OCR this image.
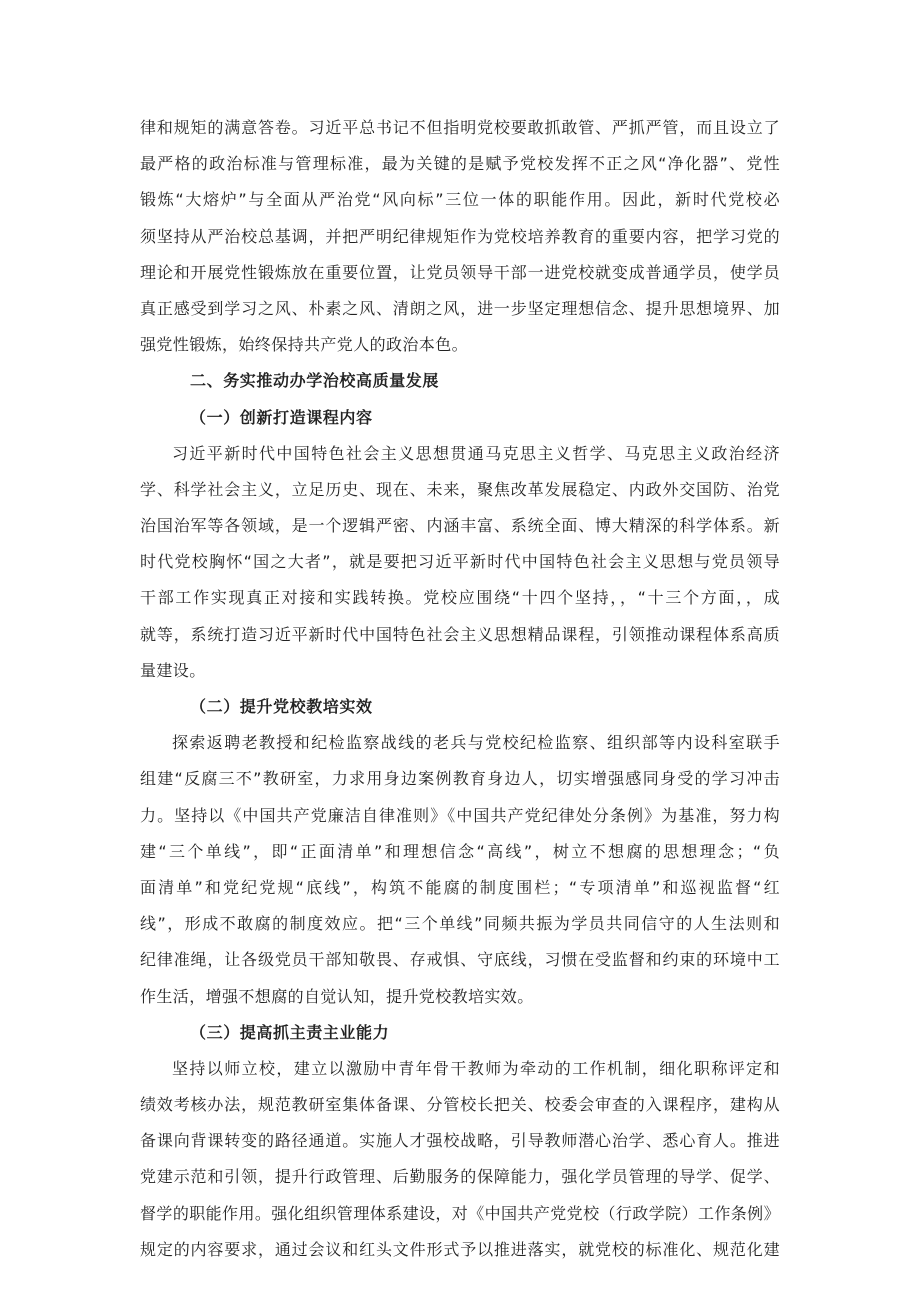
律和规矩的满意答卷。习近平总书记不但指明党校要敢抓敢管、严抓严管，而且设立了
最严格的政治标准与管理标准，最为关键的是赋予党校发挥不正之风“净化器”、党性
锻炼“大熔炉”与全面从严治党“风向标”三位一体的职能作用。因此，新时代党校必
须坚持从严治校总基调，并把严明纪律规矩作为党校培养教育的重要内容，把学习党的
理论和开展党性锻炼放在重要位置，让党员领导干部一进党校就变成普通学员，使学员
真正感受到学习之风、朴素之风、清朗之风，进一步坚定理想信念、提升思想境界、加
强党性锻炼，始终保持共产党人的政治本色。
二、务实推动办学治校高质量发展
（一）创新打造课程内容
习近平新时代中国特色社会主义思想贯通马克思主义哲学、马克思主义政治经济
学、科学社会主义，立足历史、现在、未来，聚焦改革发展稳定、内政外交国防、治党
治国治军等各领域，是一个逻辑严密、内涵丰富、系统全面、博大精深的科学体系。新
时代党校胸怀“国之大者”，就是要把习近平新时代中国特色社会主义思想与党员领导
干部工作实现真正对接和实践转换。党校应围绕“十四个坚持，，“十三个方面，，成
就等，系统打造习近平新时代中国特色社会主义思想精品课程，引领推动课程体系高质
量建设。
（二）提升党校教培实效
探索返聘老教授和纪检监察战线的老兵与党校纪检监察、组织部等内设科室联手
组建“反腐三不”教研室，力求用身边案例教育身边人，切实增强感同身受的学习冲击
力。坚持以《中国共产党廉洁自律准则》《中国共产党纪律处分条例》为基准，努力构
建“三个单线”，即“正面清单”和理想信念“高线”，树立不想腐的思想理念；“负
面清单”和党纪党规“底线”，构筑不能腐的制度围栏；“专项清单”和巡视监督“红
线”，形成不敢腐的制度效应。把“三个单线”同频共振为学员共同信守的人生法则和
纪律准绳，让各级党员干部知敬畏、存戒惧、守底线，习惯在受监督和约束的环境中工
作生活，增强不想腐的自觉认知，提升党校教培实效。
（三）提高抓主责主业能力
坚持以师立校，建立以激励中青年骨干教师为牵动的工作机制，细化职称评定和
绩效考核办法，规范教研室集体备课、分管校长把关、校委会审查的入课程序，建构从
备课向背课转变的路径通道。实施人才强校战略，引导教师潜心治学、悉心育人。推进
党建示范和引领，提升行政管理、后勤服务的保障能力，强化学员管理的导学、促学、
督学的职能作用。强化组织管理体系建设，对《中国共产党党校（行政学院）工作条例》
规定的内容要求，通过会议和红头文件形式予以推进落实，就党校的标准化、规范化建
